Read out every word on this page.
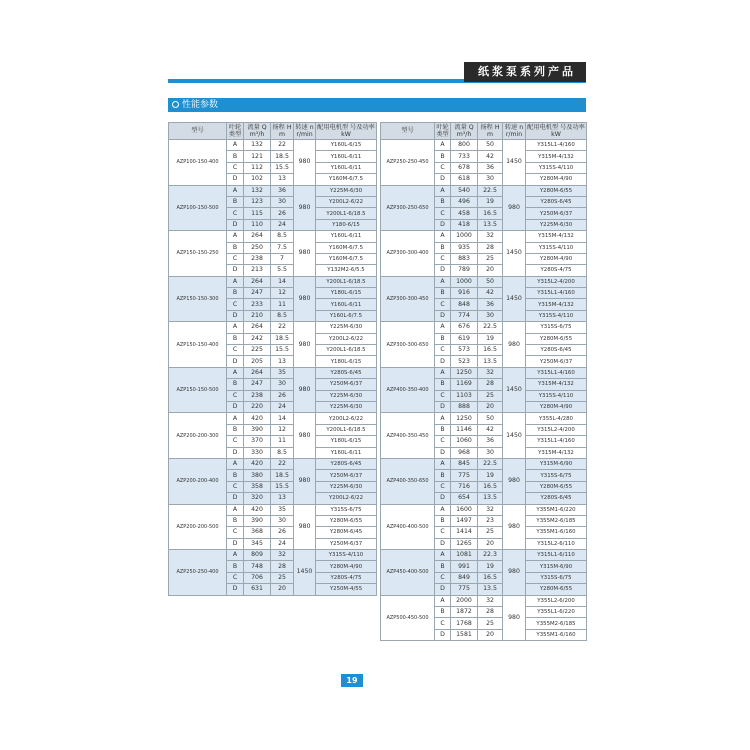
纸浆泵系列产品
性能参数
型号	叶轮 类型	流量 Q m³/h	扬程 H m	转速 n r/min	配用电机型 号及功率 kW
AZP100-150-400	A	132	22	980	Y160L-6/15
	B	121	18.5		Y160L-6/11
	C	112	15.5		Y160L-6/11
	D	102	13		Y160M-6/7.5
AZP100-150-500	A	132	36	980	Y225M-6/30
	B	123	30		Y200L2-6/22
	C	115	26		Y200L1-6/18.5
	D	110	24		Y180-6/15
AZP150-150-250	A	264	8.5	980	Y160L-6/11
	B	250	7.5		Y160M-6/7.5
	C	238	7		Y160M-6/7.5
	D	213	5.5		Y132M2-6/5.5
AZP150-150-300	A	264	14	980	Y200L1-6/18.5
	B	247	12		Y180L-6/15
	C	233	11		Y160L-6/11
	D	210	8.5		Y160L-6/7.5
AZP150-150-400	A	264	22	980	Y225M-6/30
	B	242	18.5		Y200L2-6/22
	C	225	15.5		Y200L1-6/18.5
	D	205	13		Y180L-6/15
AZP150-150-500	A	264	35	980	Y280S-6/45
	B	247	30		Y250M-6/37
	C	238	26		Y225M-6/30
	D	220	24		Y225M-6/30
AZP200-200-300	A	420	14	980	Y200L2-6/22
	B	390	12		Y200L1-6/18.5
	C	370	11		Y180L-6/15
	D	330	8.5		Y160L-6/11
AZP200-200-400	A	420	22	980	Y280S-6/45
	B	380	18.5		Y250M-6/37
	C	358	15.5		Y225M-6/30
	D	320	13		Y200L2-6/22
AZP200-200-500	A	420	35	980	Y315S-6/75
	B	390	30		Y280M-6/55
	C	368	26		Y280M-6/45
	D	345	24		Y250M-6/37
AZP250-250-400	A	809	32	1450	Y315S-4/110
	B	748	28		Y280M-4/90
	C	706	25		Y280S-4/75
	D	631	20		Y250M-4/55
型号	叶轮 类型	流量 Q m³/h	扬程 H m	转速 n r/min	配用电机型 号及功率 kW
AZP250-250-450	A	800	50	1450	Y315L1-4/160
	B	733	42		Y315M-4/132
	C	678	36		Y315S-4/110
	D	618	30		Y280M-4/90
AZP300-250-650	A	540	22.5	980	Y280M-6/55
	B	496	19		Y280S-6/45
	C	458	16.5		Y250M-6/37
	D	418	13.5		Y225M-6/30
AZP300-300-400	A	1000	32	1450	Y315M-4/132
	B	935	28		Y315S-4/110
	C	883	25		Y280M-4/90
	D	789	20		Y280S-4/75
AZP300-300-450	A	1000	50	1450	Y315L2-4/200
	B	916	42		Y315L1-4/160
	C	848	36		Y315M-4/132
	D	774	30		Y315S-4/110
AZP300-300-650	A	676	22.5	980	Y315S-6/75
	B	619	19		Y280M-6/55
	C	573	16.5		Y280S-6/45
	D	523	13.5		Y250M-6/37
AZP400-350-400	A	1250	32	1450	Y315L1-4/160
	B	1169	28		Y315M-4/132
	C	1103	25		Y315S-4/110
	D	888	20		Y280M-4/90
AZP400-350-450	A	1250	50	1450	Y355L-4/280
	B	1146	42		Y315L2-4/200
	C	1060	36		Y315L1-4/160
	D	968	30		Y315M-4/132
AZP400-350-650	A	845	22.5	980	Y315M-6/90
	B	775	19		Y315S-6/75
	C	716	16.5		Y280M-6/55
	D	654	13.5		Y280S-6/45
AZP400-400-500	A	1600	32	980	Y355M1-6/220
	B	1497	23		Y355M2-6/185
	C	1414	25		Y355M1-6/160
	D	1265	20		Y315L2-6/110
AZP450-400-500	A	1081	22.3	980	Y315L1-6/110
	B	991	19		Y315M-6/90
	C	849	16.5		Y315S-6/75
	D	775	13.5		Y280M-6/55
AZP500-450-500	A	2000	32	980	Y355L2-6/200
	B	1872	28		Y355L1-6/220
	C	1768	25		Y355M2-6/185
	D	1581	20		Y355M1-6/160
19
